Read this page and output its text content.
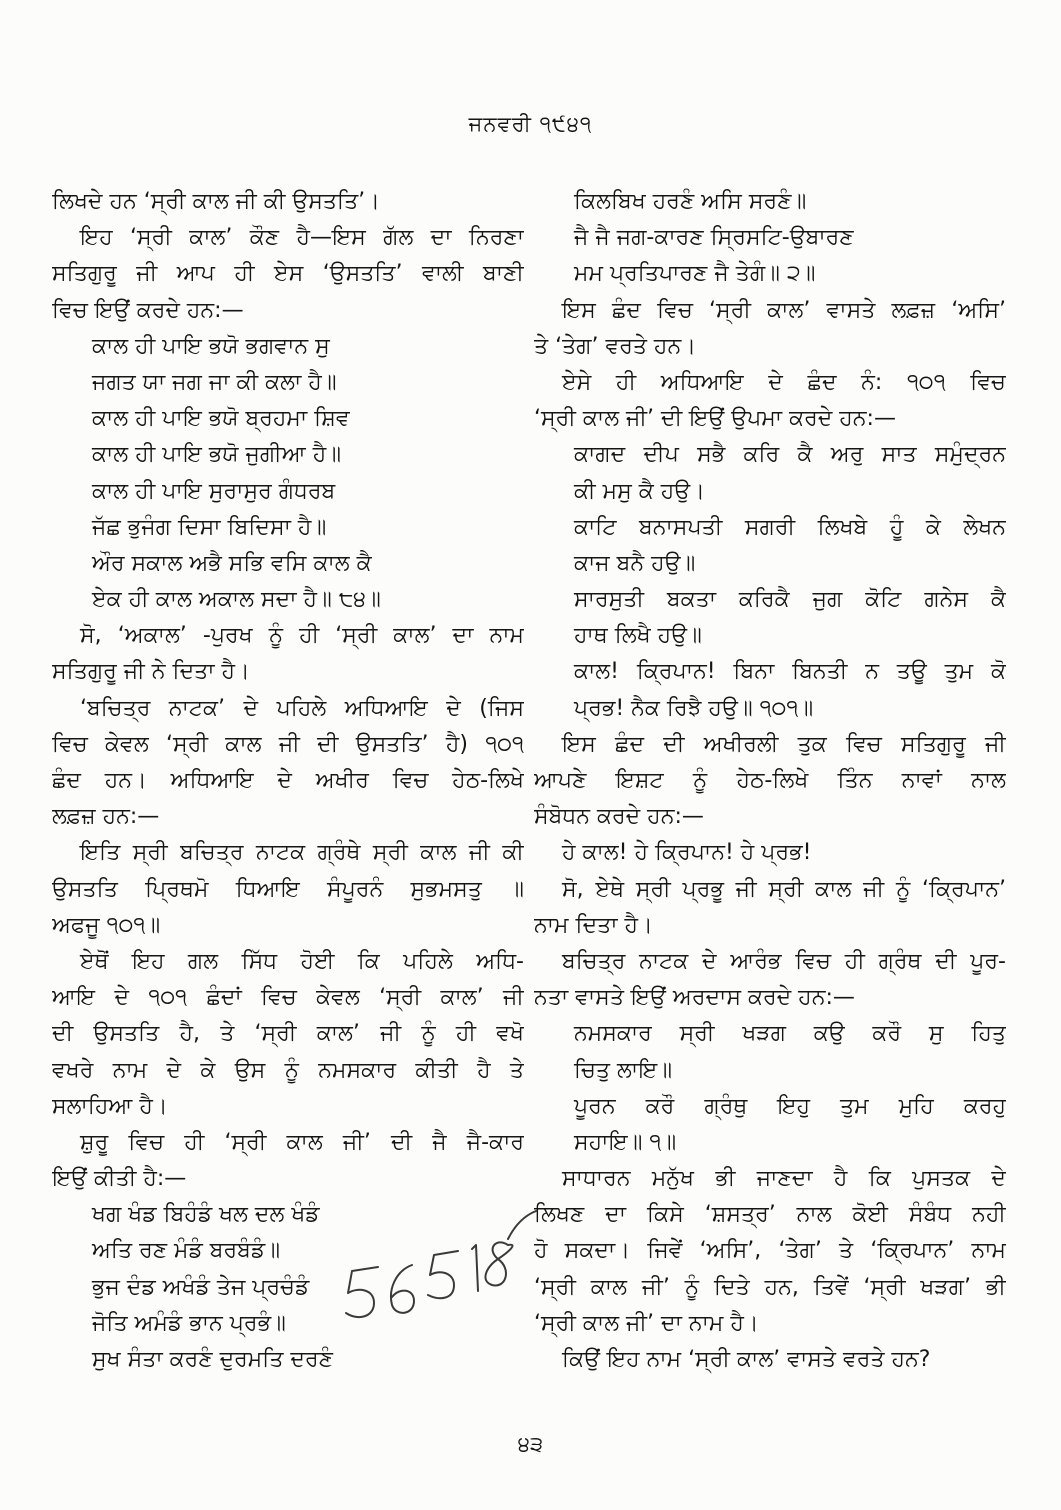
ਜਨਵਰੀ ੧੯੪੧
ਲਿਖਦੇ ਹਨ ‘ਸ੍ਰੀ ਕਾਲ ਜੀ ਕੀ ਉਸਤਤਿ’।
ਇਹ ‘ਸ੍ਰੀ ਕਾਲ’ ਕੌਣ ਹੈ—ਇਸ ਗੱਲ ਦਾ ਨਿਰਣਾ
ਸਤਿਗੁਰੂ ਜੀ ਆਪ ਹੀ ਏਸ ‘ਉਸਤਤਿ’ ਵਾਲੀ ਬਾਣੀ
ਵਿਚ ਇਉਂ ਕਰਦੇ ਹਨ:—
ਕਾਲ ਹੀ ਪਾਇ ਭਯੋ ਭਗਵਾਨ ਸੁ
ਜਗਤ ਯਾ ਜਗ ਜਾ ਕੀ ਕਲਾ ਹੈ॥
ਕਾਲ ਹੀ ਪਾਇ ਭਯੋ ਬ੍ਰਹਮਾ ਸ਼ਿਵ
ਕਾਲ ਹੀ ਪਾਇ ਭਯੋ ਜੁਗੀਆ ਹੈ॥
ਕਾਲ ਹੀ ਪਾਇ ਸੁਰਾਸੁਰ ਗੰਧਰਬ
ਜੱਛ ਭੁਜੰਗ ਦਿਸਾ ਬਿਦਿਸਾ ਹੈ॥
ਔਰ ਸਕਾਲ ਅਭੈ ਸਭਿ ਵਸਿ ਕਾਲ ਕੈ
ਏਕ ਹੀ ਕਾਲ ਅਕਾਲ ਸਦਾ ਹੈ॥ ੮੪॥
ਸੋ, ‘ਅਕਾਲ’ -ਪੁਰਖ ਨੂੰ ਹੀ ‘ਸ੍ਰੀ ਕਾਲ’ ਦਾ ਨਾਮ
ਸਤਿਗੁਰੂ ਜੀ ਨੇ ਦਿਤਾ ਹੈ।
‘ਬਚਿਤ੍ਰ ਨਾਟਕ’ ਦੇ ਪਹਿਲੇ ਅਧਿਆਇ ਦੇ (ਜਿਸ
ਵਿਚ ਕੇਵਲ ‘ਸ੍ਰੀ ਕਾਲ ਜੀ ਦੀ ਉਸਤਤਿ’ ਹੈ) ੧੦੧
ਛੰਦ ਹਨ। ਅਧਿਆਇ ਦੇ ਅਖੀਰ ਵਿਚ ਹੇਠ-ਲਿਖੇ
ਲਫ਼ਜ਼ ਹਨ:—
ਇਤਿ ਸ੍ਰੀ ਬਚਿਤ੍ਰ ਨਾਟਕ ਗ੍ਰੰਥੇ ਸ੍ਰੀ ਕਾਲ ਜੀ ਕੀ
ਉਸਤਤਿ ਪ੍ਰਿਥਮੋ ਧਿਆਇ ਸੰਪੂਰਨੰ ਸੁਭਮਸਤੁ ॥
ਅਫਜੂ ੧੦੧॥
ਏਥੋਂ ਇਹ ਗਲ ਸਿੱਧ ਹੋਈ ਕਿ ਪਹਿਲੇ ਅਧਿ-
ਆਇ ਦੇ ੧੦੧ ਛੰਦਾਂ ਵਿਚ ਕੇਵਲ ‘ਸ੍ਰੀ ਕਾਲ’ ਜੀ
ਦੀ ਉਸਤਤਿ ਹੈ, ਤੇ ‘ਸ੍ਰੀ ਕਾਲ’ ਜੀ ਨੂੰ ਹੀ ਵਖੋ
ਵਖਰੇ ਨਾਮ ਦੇ ਕੇ ਉਸ ਨੂੰ ਨਮਸਕਾਰ ਕੀਤੀ ਹੈ ਤੇ
ਸਲਾਹਿਆ ਹੈ।
ਸ਼ੁਰੂ ਵਿਚ ਹੀ ‘ਸ੍ਰੀ ਕਾਲ ਜੀ’ ਦੀ ਜੈ ਜੈ-ਕਾਰ
ਇਉਂ ਕੀਤੀ ਹੈ:—
ਖਗ ਖੰਡ ਬਿਹੰਡੰ ਖਲ ਦਲ ਖੰਡੰ
ਅਤਿ ਰਣ ਮੰਡੰ ਬਰਬੰਡੰ॥
ਭੁਜ ਦੰਡ ਅਖੰਡੰ ਤੇਜ ਪ੍ਰਚੰਡੰ
ਜੋਤਿ ਅਮੰਡੰ ਭਾਨ ਪ੍ਰਭੰ॥
ਸੁਖ ਸੰਤਾ ਕਰਣੰ ਦੁਰਮਤਿ ਦਰਣੰ
ਕਿਲਬਿਖ ਹਰਣੰ ਅਸਿ ਸਰਣੰ॥
ਜੈ ਜੈ ਜਗ-ਕਾਰਣ ਸ੍ਰਿਸਟਿ-ਉਬਾਰਣ
ਮਮ ਪ੍ਰਤਿਪਾਰਣ ਜੈ ਤੇਗੰ॥ ੨॥
ਇਸ ਛੰਦ ਵਿਚ ‘ਸ੍ਰੀ ਕਾਲ’ ਵਾਸਤੇ ਲਫ਼ਜ਼ ‘ਅਸਿ’
ਤੇ ‘ਤੇਗ’ ਵਰਤੇ ਹਨ।
ਏਸੇ ਹੀ ਅਧਿਆਇ ਦੇ ਛੰਦ ਨੰ: ੧੦੧ ਵਿਚ
‘ਸ੍ਰੀ ਕਾਲ ਜੀ’ ਦੀ ਇਉਂ ਉਪਮਾ ਕਰਦੇ ਹਨ:—
ਕਾਗਦ ਦੀਪ ਸਭੈ ਕਰਿ ਕੈ ਅਰੁ ਸਾਤ ਸਮੁੰਦ੍ਰਨ
ਕੀ ਮਸੁ ਕੈ ਹਉ।
ਕਾਟਿ ਬਨਾਸਪਤੀ ਸਗਰੀ ਲਿਖਬੇ ਹੂੰ ਕੇ ਲੇਖਨ
ਕਾਜ ਬਨੈ ਹਉ॥
ਸਾਰਸੁਤੀ ਬਕਤਾ ਕਰਿਕੈ ਜੁਗ ਕੋਟਿ ਗਨੇਸ ਕੈ
ਹਾਥ ਲਿਖੈ ਹਉ॥
ਕਾਲ! ਕ੍ਰਿਪਾਨ! ਬਿਨਾ ਬਿਨਤੀ ਨ ਤਊ ਤੁਮ ਕੋ
ਪ੍ਰਭ! ਨੈਕ ਰਿਝੈ ਹਉ॥ ੧੦੧॥
ਇਸ ਛੰਦ ਦੀ ਅਖੀਰਲੀ ਤੁਕ ਵਿਚ ਸਤਿਗੁਰੂ ਜੀ
ਆਪਣੇ ਇਸ਼ਟ ਨੂੰ ਹੇਠ-ਲਿਖੇ ਤਿੰਨ ਨਾਵਾਂ ਨਾਲ
ਸੰਬੋਧਨ ਕਰਦੇ ਹਨ:—
ਹੇ ਕਾਲ! ਹੇ ਕ੍ਰਿਪਾਨ! ਹੇ ਪ੍ਰਭ!
ਸੋ, ਏਥੇ ਸ੍ਰੀ ਪ੍ਰਭੂ ਜੀ ਸ੍ਰੀ ਕਾਲ ਜੀ ਨੂੰ ‘ਕ੍ਰਿਪਾਨ’
ਨਾਮ ਦਿਤਾ ਹੈ।
ਬਚਿਤ੍ਰ ਨਾਟਕ ਦੇ ਆਰੰਭ ਵਿਚ ਹੀ ਗ੍ਰੰਥ ਦੀ ਪੂਰ-
ਨਤਾ ਵਾਸਤੇ ਇਉਂ ਅਰਦਾਸ ਕਰਦੇ ਹਨ:—
ਨਮਸਕਾਰ ਸ੍ਰੀ ਖੜਗ ਕਉ ਕਰੌ ਸੁ ਹਿਤੁ
ਚਿਤੁ ਲਾਇ॥
ਪੂਰਨ ਕਰੌ ਗ੍ਰੰਥੁ ਇਹੁ ਤੁਮ ਮੁਹਿ ਕਰਹੁ
ਸਹਾਇ॥ ੧॥
ਸਾਧਾਰਨ ਮਨੁੱਖ ਭੀ ਜਾਣਦਾ ਹੈ ਕਿ ਪੁਸਤਕ ਦੇ
ਲਿਖਣ ਦਾ ਕਿਸੇ ‘ਸ਼ਸਤ੍ਰ’ ਨਾਲ ਕੋਈ ਸੰਬੰਧ ਨਹੀ
ਹੋ ਸਕਦਾ। ਜਿਵੇਂ ‘ਅਸਿ’, ‘ਤੇਗ’ ਤੇ ‘ਕ੍ਰਿਪਾਨ’ ਨਾਮ
‘ਸ੍ਰੀ ਕਾਲ ਜੀ’ ਨੂੰ ਦਿਤੇ ਹਨ, ਤਿਵੇਂ ‘ਸ੍ਰੀ ਖੜਗ’ ਭੀ
‘ਸ੍ਰੀ ਕਾਲ ਜੀ’ ਦਾ ਨਾਮ ਹੈ।
ਕਿਉਂ ਇਹ ਨਾਮ ‘ਸ੍ਰੀ ਕਾਲ’ ਵਾਸਤੇ ਵਰਤੇ ਹਨ?
੪੩
